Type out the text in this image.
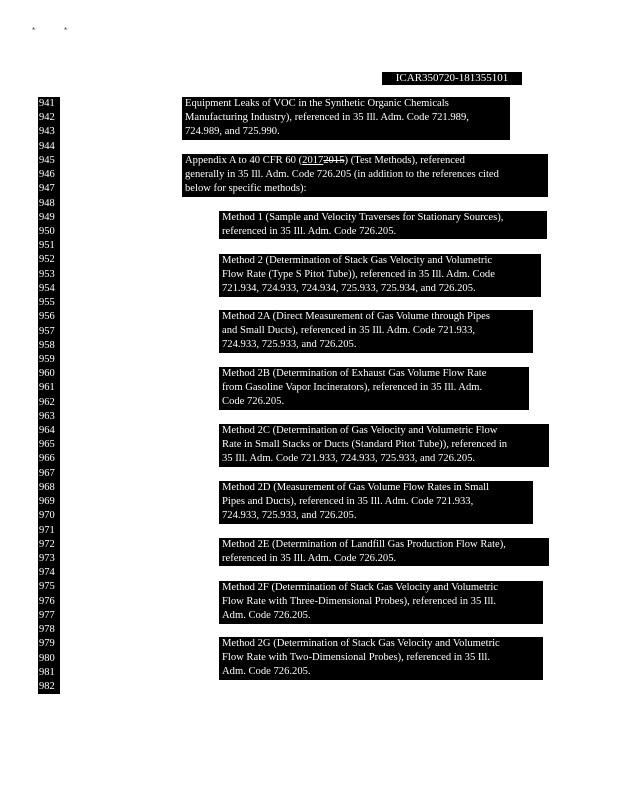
*	*
ICAR350720-181355101
941
942
943
944
945
946
947
948
949
950
951
952
953
954
955
956
957
958
959
960
961
962
963
964
965
966
967
968
969
970
971
972
973
974
975
976
977
978
979
980
981
982
Equipment Leaks of VOC in the Synthetic Organic Chemicals
Manufacturing Industry), referenced in 35 Ill. Adm. Code 721.989,
724.989, and 725.990.
Appendix A to 40 CFR 60 (20172015) (Test Methods), referenced
generally in 35 Ill. Adm. Code 726.205 (in addition to the references cited
below for specific methods):
Method 1 (Sample and Velocity Traverses for Stationary Sources),
referenced in 35 Ill. Adm. Code 726.205.
Method 2 (Determination of Stack Gas Velocity and Volumetric
Flow Rate (Type S Pitot Tube)), referenced in 35 Ill. Adm. Code
721.934, 724.933, 724.934, 725.933, 725.934, and 726.205.
Method 2A (Direct Measurement of Gas Volume through Pipes
and Small Ducts), referenced in 35 Ill. Adm. Code 721.933,
724.933, 725.933, and 726.205.
Method 2B (Determination of Exhaust Gas Volume Flow Rate
from Gasoline Vapor Incinerators), referenced in 35 Ill. Adm.
Code 726.205.
Method 2C (Determination of Gas Velocity and Volumetric Flow
Rate in Small Stacks or Ducts (Standard Pitot Tube)), referenced in
35 Ill. Adm. Code 721.933, 724.933, 725.933, and 726.205.
Method 2D (Measurement of Gas Volume Flow Rates in Small
Pipes and Ducts), referenced in 35 Ill. Adm. Code 721.933,
724.933, 725.933, and 726.205.
Method 2E (Determination of Landfill Gas Production Flow Rate),
referenced in 35 Ill. Adm. Code 726.205.
Method 2F (Determination of Stack Gas Velocity and Volumetric
Flow Rate with Three-Dimensional Probes), referenced in 35 Ill.
Adm. Code 726.205.
Method 2G (Determination of Stack Gas Velocity and Volumetric
Flow Rate with Two-Dimensional Probes), referenced in 35 Ill.
Adm. Code 726.205.
